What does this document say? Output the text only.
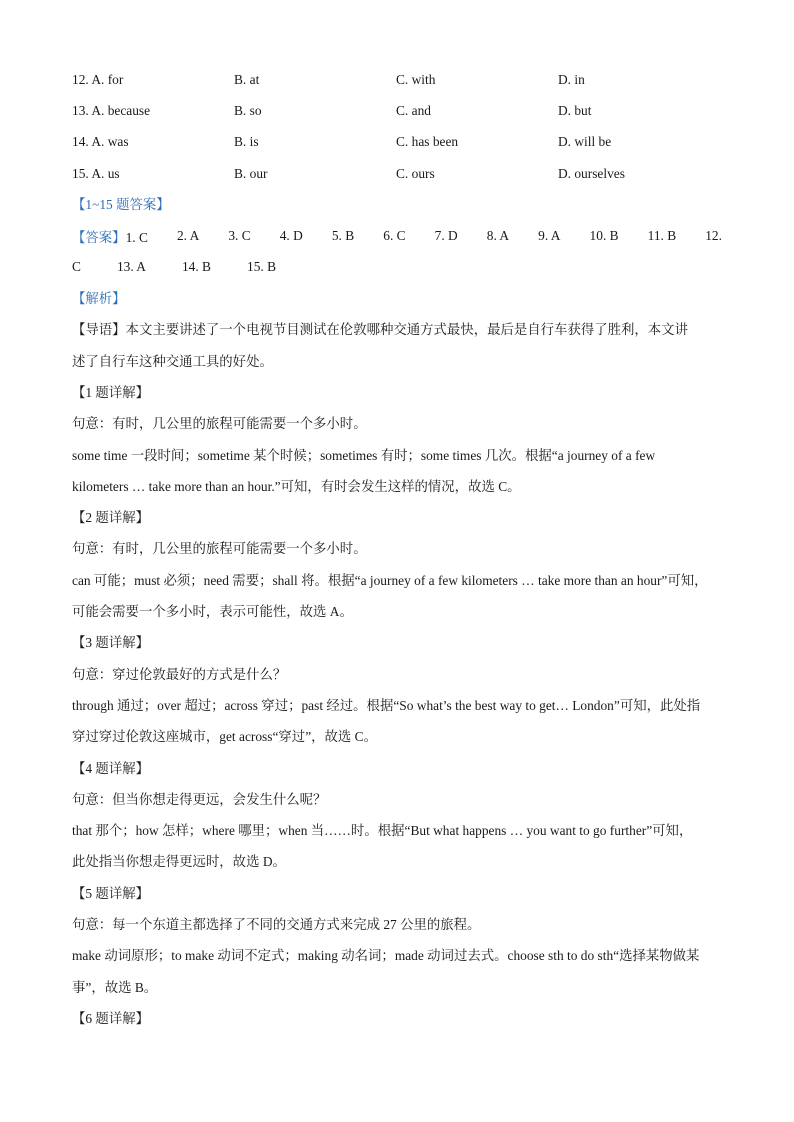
12. A. for	B. at	C. with	D. in
13. A. because	B. so	C. and	D. but
14. A. was	B. is	C. has been	D. will be
15. A. us	B. our	C. ours	D. ourselves
【1~15 题答案】
【答案】1. C 2. A 3. C 4. D 5. B 6. C 7. D 8. A 9. A 10. B 11. B 12.
C	13. A	14. B	15. B
【解析】
【导语】本文主要讲述了一个电视节目测试在伦敦哪种交通方式最快，最后是自行车获得了胜利，本文讲
述了自行车这种交通工具的好处。
【1 题详解】
句意：有时，几公里的旅程可能需要一个多小时。
some time 一段时间；sometime 某个时候；sometimes 有时；some times 几次。根据“a journey of a few
kilometers … take more than an hour.”可知，有时会发生这样的情况，故选 C。
【2 题详解】
句意：有时，几公里的旅程可能需要一个多小时。
can 可能；must 必须；need 需要；shall 将。根据“a journey of a few kilometers … take more than an hour”可知，
可能会需要一个多小时，表示可能性，故选 A。
【3 题详解】
句意：穿过伦敦最好的方式是什么？
through 通过；over 超过；across 穿过；past 经过。根据“So what’s the best way to get… London”可知，此处指
穿过穿过伦敦这座城市，get across“穿过”，故选 C。
【4 题详解】
句意：但当你想走得更远，会发生什么呢？
that 那个；how 怎样；where 哪里；when 当……时。根据“But what happens … you want to go further”可知，
此处指当你想走得更远时，故选 D。
【5 题详解】
句意：每一个东道主都选择了不同的交通方式来完成 27 公里的旅程。
make 动词原形；to make 动词不定式；making 动名词；made 动词过去式。choose sth to do sth“选择某物做某
事”，故选 B。
【6 题详解】
